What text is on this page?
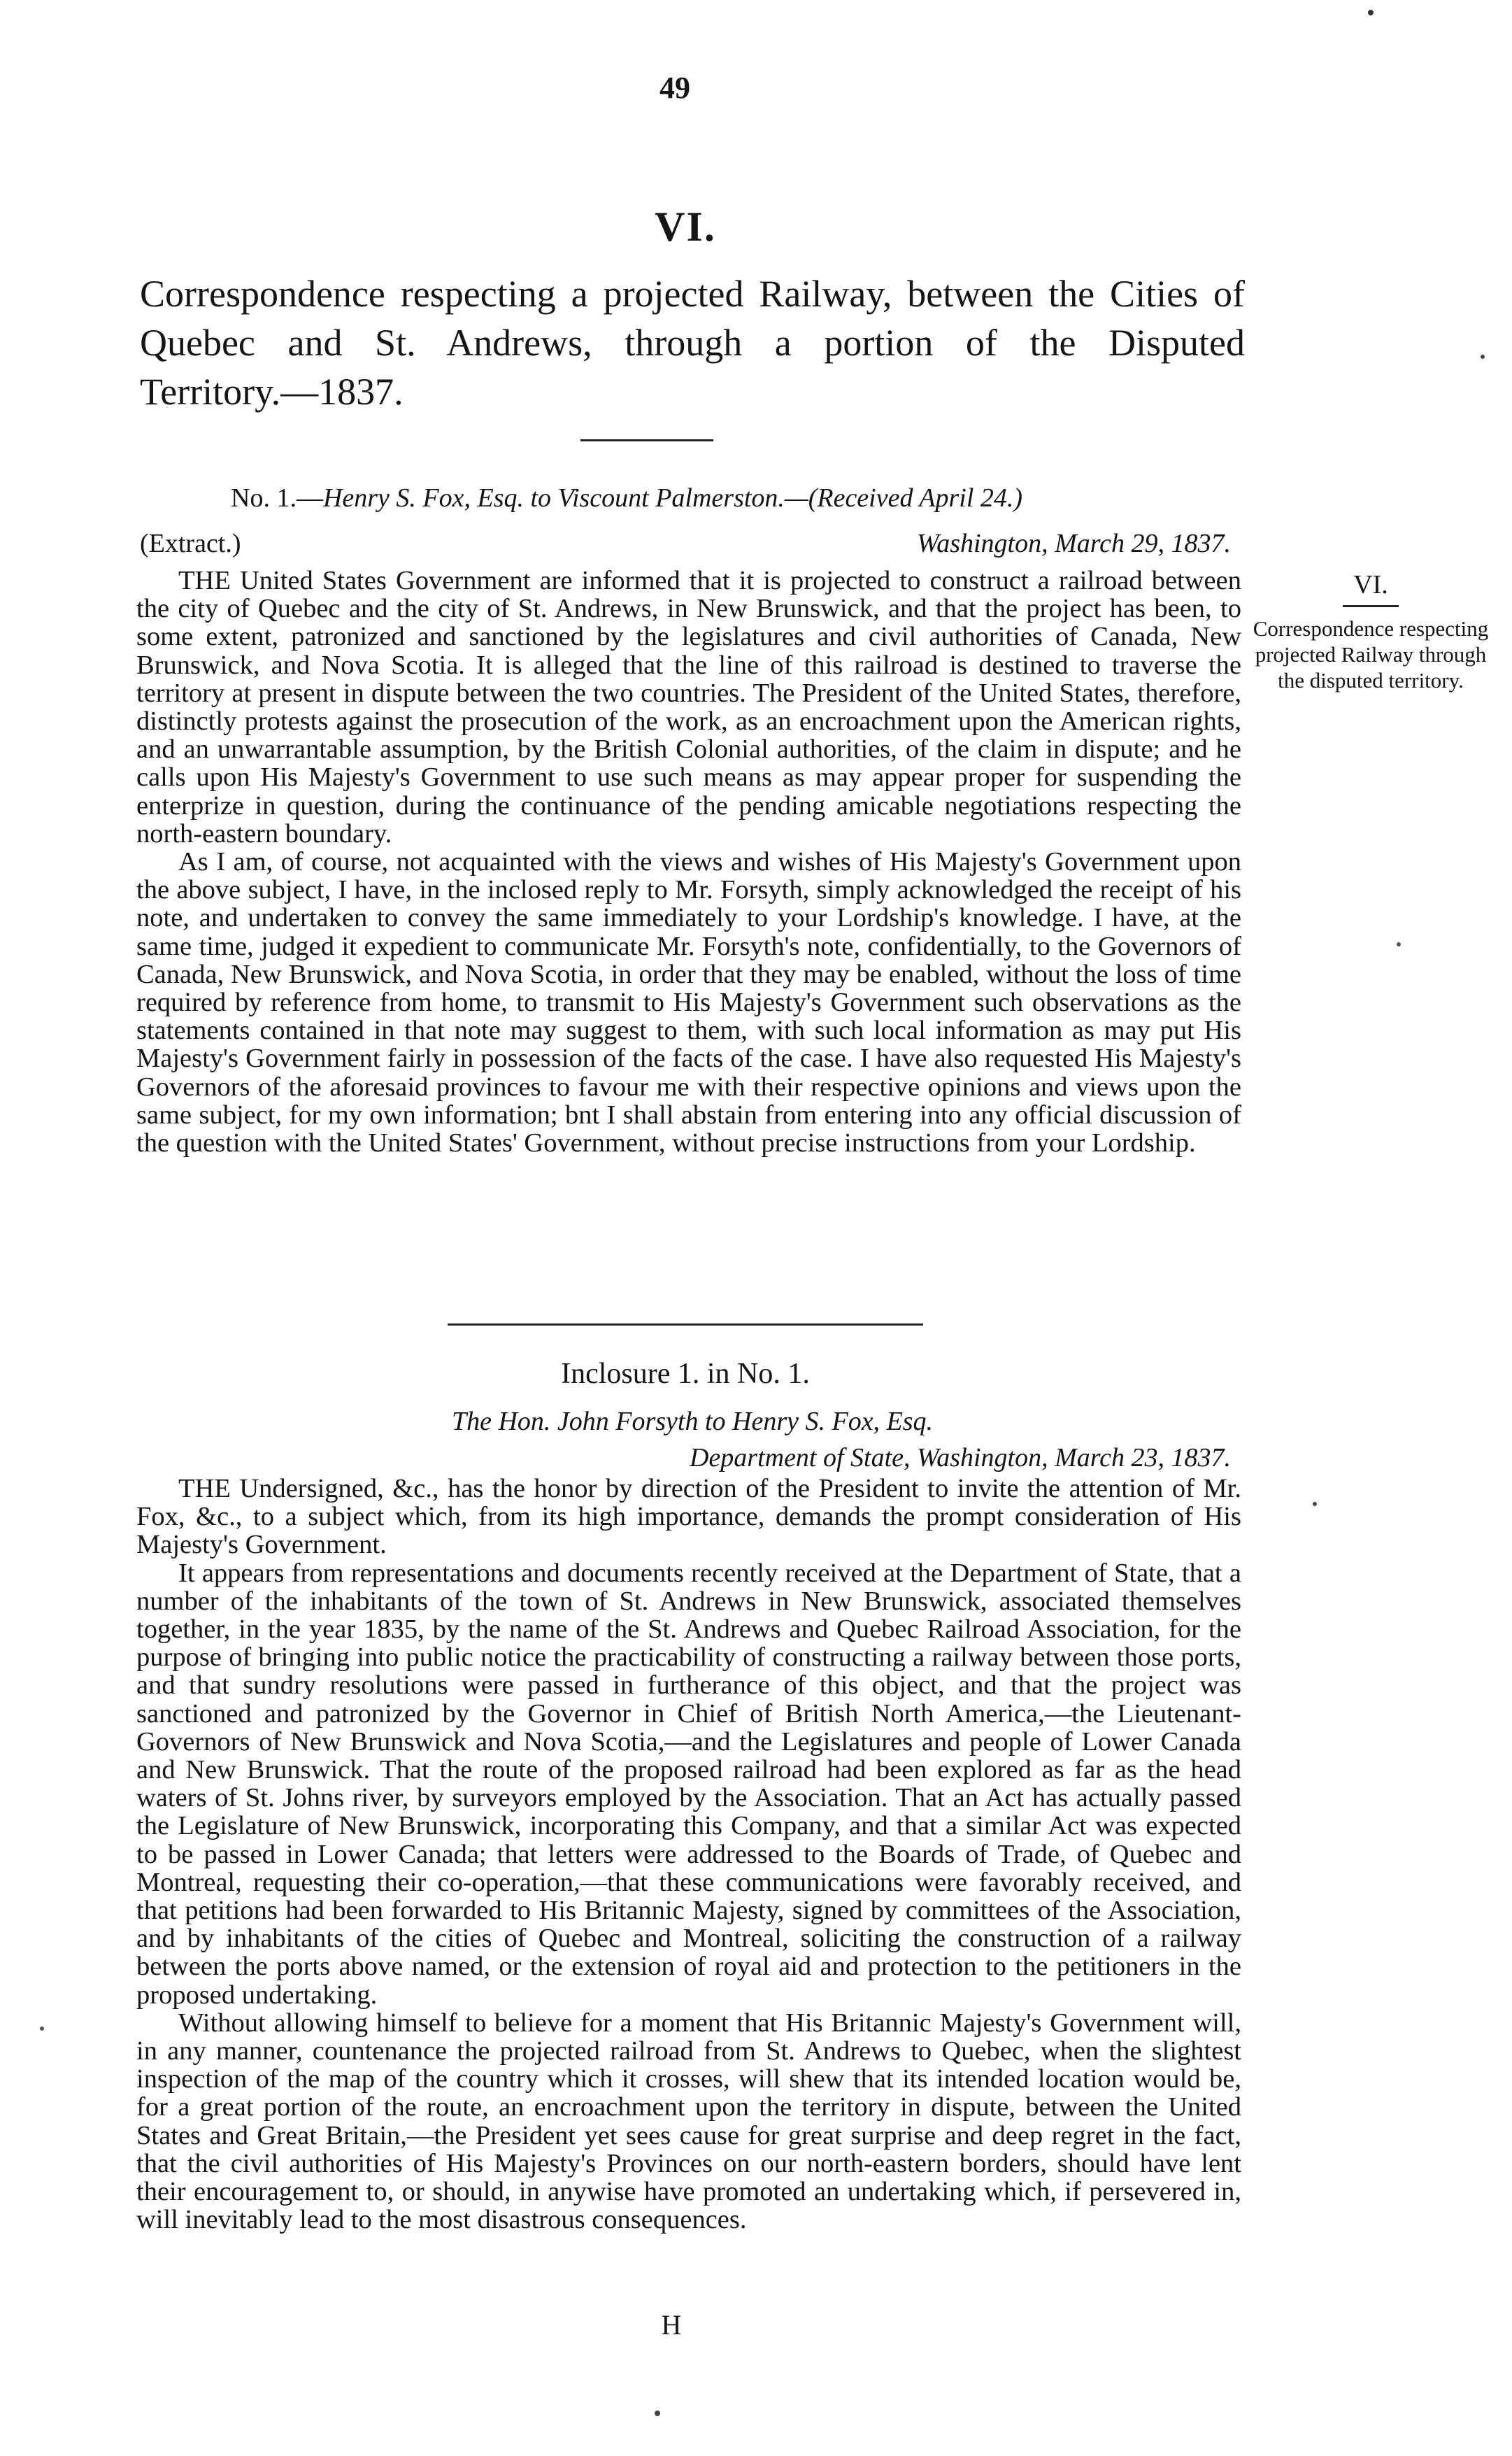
49
VI.
Correspondence respecting a projected Railway, between the Cities of
Quebec and St. Andrews, through a portion of the Disputed
Territory.—1837.
No. 1.—Henry S. Fox, Esq. to Viscount Palmerston.—(Received April 24.)
(Extract.)	Washington, March 29, 1837.

THE United States Government are informed that it is projected to construct a railroad between the city of Quebec and the city of St. Andrews, in New Brunswick, and that the project has been, to some extent, patronized and sanctioned by the legislatures and civil authorities of Canada, New Brunswick, and Nova Scotia. It is alleged that the line of this railroad is destined to traverse the territory at present in dispute between the two countries. The President of the United States, therefore, distinctly protests against the prosecution of the work, as an encroachment upon the American rights, and an unwarrantable assumption, by the British Colonial authorities, of the claim in dispute; and he calls upon His Majesty's Government to use such means as may appear proper for suspending the enterprize in question, during the continuance of the pending amicable negotiations respecting the north-eastern boundary.

As I am, of course, not acquainted with the views and wishes of His Majesty's Government upon the above subject, I have, in the inclosed reply to Mr. Forsyth, simply acknowledged the receipt of his note, and undertaken to convey the same immediately to your Lordship's knowledge. I have, at the same time, judged it expedient to communicate Mr. Forsyth's note, confidentially, to the Governors of Canada, New Brunswick, and Nova Scotia, in order that they may be enabled, without the loss of time required by reference from home, to transmit to His Majesty's Government such observations as the statements contained in that note may suggest to them, with such local information as may put His Majesty's Government fairly in possession of the facts of the case. I have also requested His Majesty's Governors of the aforesaid provinces to favour me with their respective opinions and views upon the same subject, for my own information; bnt I shall abstain from entering into any official discussion of the question with the United States' Government, without precise instructions from your Lordship.

VI.
Correspondence respecting projected Railway through the disputed territory.
Inclosure 1. in No. 1.
The Hon. John Forsyth to Henry S. Fox, Esq.
Department of State, Washington, March 23, 1837.

THE Undersigned, &c., has the honor by direction of the President to invite the attention of Mr. Fox, &c., to a subject which, from its high importance, demands the prompt consideration of His Majesty's Government.

It appears from representations and documents recently received at the Department of State, that a number of the inhabitants of the town of St. Andrews in New Brunswick, associated themselves together, in the year 1835, by the name of the St. Andrews and Quebec Railroad Association, for the purpose of bringing into public notice the practicability of constructing a railway between those ports, and that sundry resolutions were passed in furtherance of this object, and that the project was sanctioned and patronized by the Governor in Chief of British North America,—the Lieutenant-Governors of New Brunswick and Nova Scotia,—and the Legislatures and people of Lower Canada and New Brunswick. That the route of the proposed railroad had been explored as far as the head waters of St. Johns river, by surveyors employed by the Association. That an Act has actually passed the Legislature of New Brunswick, incorporating this Company, and that a similar Act was expected to be passed in Lower Canada; that letters were addressed to the Boards of Trade, of Quebec and Montreal, requesting their co-operation,—that these communications were favorably received, and that petitions had been forwarded to His Britannic Majesty, signed by committees of the Association, and by inhabitants of the cities of Quebec and Montreal, soliciting the construction of a railway between the ports above named, or the extension of royal aid and protection to the petitioners in the proposed undertaking.

Without allowing himself to believe for a moment that His Britannic Majesty's Government will, in any manner, countenance the projected railroad from St. Andrews to Quebec, when the slightest inspection of the map of the country which it crosses, will shew that its intended location would be, for a great portion of the route, an encroachment upon the territory in dispute, between the United States and Great Britain,—the President yet sees cause for great surprise and deep regret in the fact, that the civil authorities of His Majesty's Provinces on our north-eastern borders, should have lent their encouragement to, or should, in anywise have promoted an undertaking which, if persevered in, will inevitably lead to the most disastrous consequences.

H
